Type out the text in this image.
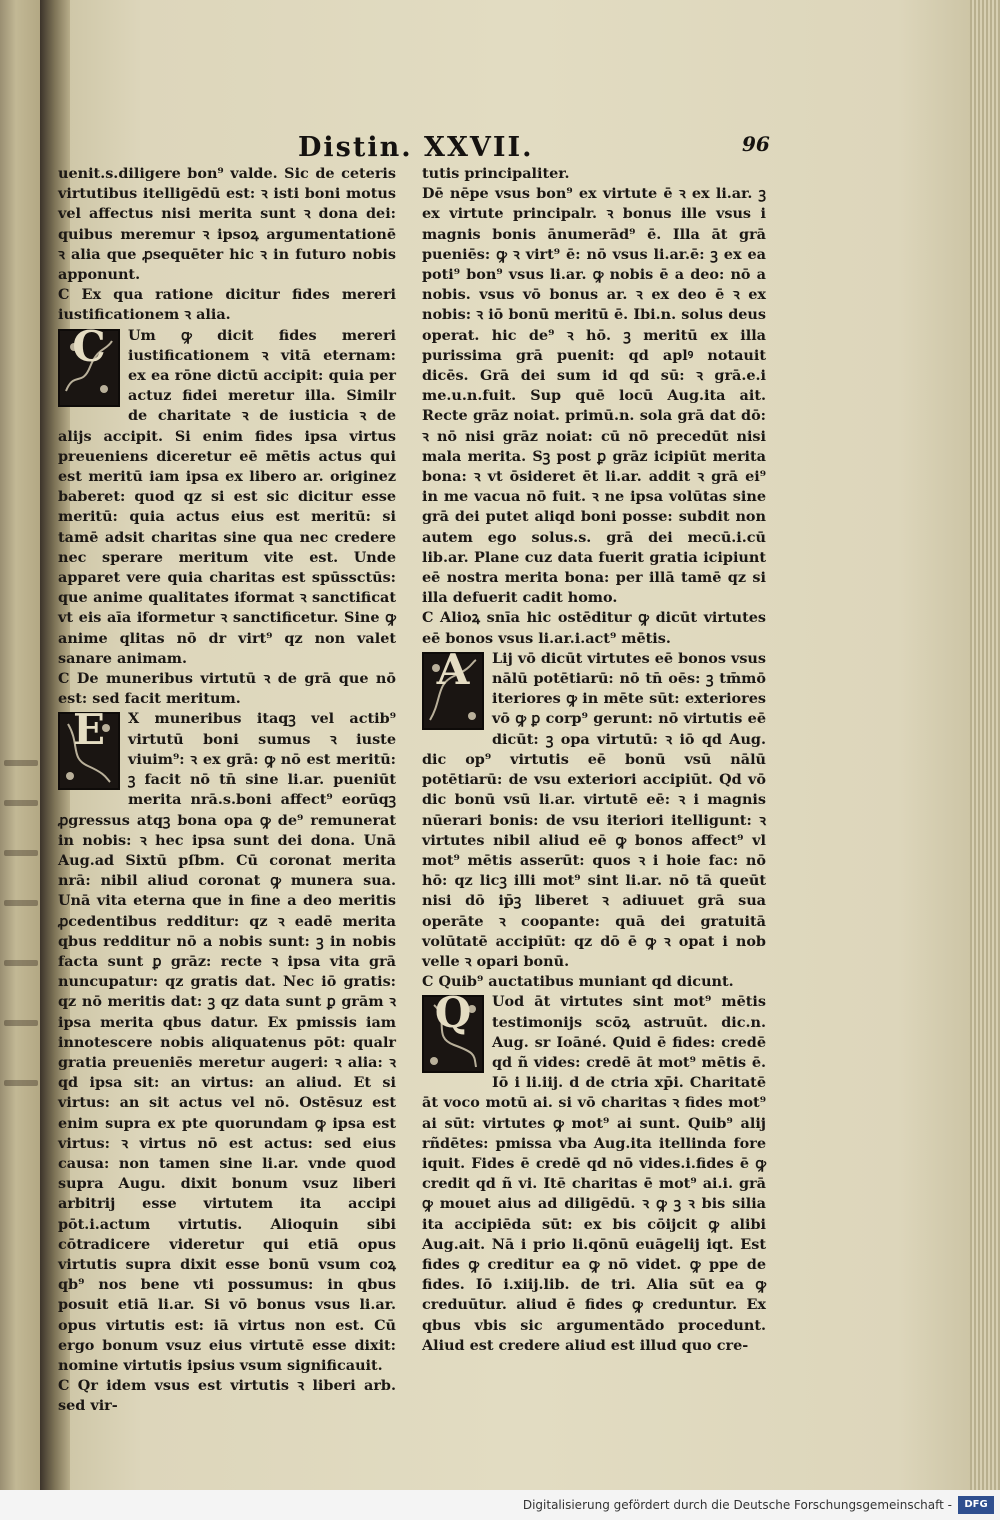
Distin. XXVII.	96

uenit.s.diligere bon⁹ valde. Sic de ceteris virtutibus itelligēdū est: ꝛ isti boni motus vel affectus nisi merita sunt ꝛ dona dei: quibus meremur ꝛ ipsoꝝ argumentationē ꝛ alia que ꝓsequēter hic ꝛ in futuro nobis apponunt.

C Ex qua ratione dicitur fides mereri iustificationem ꝛ alia.

C	Um ꝙ dicit fides mereri iustificationem ꝛ vitā eternam: ex ea rōne dictū accipit: quia per actuz fidei meretur illa. Similr de charitate ꝛ de iusticia ꝛ de alijs accipit. Si enim fides ipsa virtus preueniens diceretur eē mētis actus qui est meritū iam ipsa ex libero ar. originez baberet: quod qz si est sic dicitur esse meritū: quia actus eius est meritū: si tamē adsit charitas sine qua nec credere nec sperare meritum vite est. Unde apparet vere quia charitas est spūssctūs: que anime qualitates iformat ꝛ sanctificat vt eis aīa iformetur ꝛ sanctificetur. Sine ꝙ anime qlitas nō dr virt⁹ qz non valet sanare animam.

C De muneribus virtutū ꝛ de grā que nō est: sed facit meritum.

E	X muneribus itaqꝫ vel actib⁹ virtutū boni sumus ꝛ iuste viuim⁹: ꝛ ex grā: ꝙ nō est meritū: ꝫ facit nō tn̄ sine li.ar. pueniūt merita nrā.s.boni affect⁹ eorūqꝫ ꝓgressus atqꝫ bona opa ꝙ de⁹ remunerat in nobis: ꝛ hec ipsa sunt dei dona. Unā Aug.ad Sixtū pſbm. Cū coronat merita nrā: nibil aliud coronat ꝙ munera sua. Unā vita eterna que in fine a deo meritis ꝓcedentibus redditur: qz ꝛ eadē merita qbus redditur nō a nobis sunt: ꝫ in nobis facta sunt ꝑ grāz: recte ꝛ ipsa vita grā nuncupatur: qz gratis dat. Nec iō gratis: qz nō meritis dat: ꝫ qz data sunt ꝑ grām ꝛ ipsa merita qbus datur. Ex pmissis iam innotescere nobis aliquatenus pōt: qualr gratia preueniēs meretur augeri: ꝛ alia: ꝛ qd ipsa sit: an virtus: an aliud. Et si virtus: an sit actus vel nō. Ostēsuz est enim supra ex pte quorundam ꝙ ipsa est virtus: ꝛ virtus nō est actus: sed eius causa: non tamen sine li.ar. vnde quod supra Augu. dixit bonum vsuz liberi arbitrij esse virtutem ita accipi pōt.i.actum virtutis. Alioquin sibi cōtradicere videretur qui etiā opus virtutis supra dixit esse bonū vsum coꝝ qb⁹ nos bene vti possumus: in qbus posuit etiā li.ar. Si vō bonus vsus li.ar. opus virtutis est: iā virtus non est. Cū ergo bonum vsuz eius virtutē esse dixit: nomine virtutis ipsius vsum significauit.

C Qr idem vsus est virtutis ꝛ liberi arb. sed vir-

tutis principaliter.

Dē nēpe vsus bon⁹ ex virtute ē ꝛ ex li.ar. ꝫ ex virtute principalr. ꝛ bonus ille vsus i magnis bonis ānumerād⁹ ē. Illa āt grā pueniēs: ꝙ ꝛ virt⁹ ē: nō vsus li.ar.ē: ꝫ ex ea poti⁹ bon⁹ vsus li.ar. ꝙ nobis ē a deo: nō a nobis. vsus vō bonus ar. ꝛ ex deo ē ꝛ ex nobis: ꝛ iō bonū meritū ē. Ibi.n. solus deus operat. hic de⁹ ꝛ hō. ꝫ meritū ex illa purissima grā puenit: qd aplꝰ notauit dicēs. Grā dei sum id qd sū: ꝛ grā.e.i me.u.n.fuit. Sup quē locū Aug.ita ait. Recte grāz noiat. primū.n. sola grā dat dō: ꝛ nō nisi grāz noiat: cū nō precedūt nisi mala merita. Sꝫ post ꝑ grāz icipiūt merita bona: ꝛ vt ōsideret ēt li.ar. addit ꝛ grā ei⁹ in me vacua nō fuit. ꝛ ne ipsa volūtas sine grā dei putet aliqd boni posse: subdit non autem ego solus.s. grā dei mecū.i.cū lib.ar. Plane cuz data fuerit gratia icipiunt eē nostra merita bona: per illā tamē qz si illa defuerit cadit homo.

C Alioꝝ snīa hic ostēditur ꝙ dicūt virtutes eē bonos vsus li.ar.i.act⁹ mētis.

A	Lij vō dicūt virtutes eē bonos vsus nālū potētiarū: nō tn̄ oēs: ꝫ tm̄mō iteriores ꝙ in mēte sūt: exteriores vō ꝙ ꝑ corp⁹ gerunt: nō virtutis eē dicūt: ꝫ opa virtutū: ꝛ iō qd Aug. dic op⁹ virtutis eē bonū vsū nālū potētiarū: de vsu exteriori accipiūt. Qd vō dic bonū vsū li.ar. virtutē eē: ꝛ i magnis nūerari bonis: de vsu iteriori itelligunt: ꝛ virtutes nibil aliud eē ꝙ bonos affect⁹ vl mot⁹ mētis asserūt: quos ꝛ i hoie fac: nō hō: qz licꝫ illi mot⁹ sint li.ar. nō tā queūt nisi dō ip̄ꝫ liberet ꝛ adiuuet grā sua operāte ꝛ coopante: quā dei gratuitā volūtatē accipiūt: qz dō ē ꝙ ꝛ opat i nob velle ꝛ opari bonū.

C Quib⁹ auctatibus muniant qd dicunt.

Q	Uod āt virtutes sint mot⁹ mētis testimonijs scōꝝ astruūt. dic.n. Aug. sr Ioāné. Quid ē fides: credē qd ñ vides: credē āt mot⁹ mētis ē. Iō i li.iij. d de ctria xp̄i. Charitatē āt voco motū ai. si vō charitas ꝛ fides mot⁹ ai sūt: virtutes ꝙ mot⁹ ai sunt. Quib⁹ alij rñdētes: pmissa vba Aug.ita itellinda fore iquit. Fides ē credē qd nō vides.i.fides ē ꝙ credit qd ñ vi. Itē charitas ē mot⁹ ai.i. grā ꝙ mouet aius ad diligēdū. ꝛ ꝙ ꝫ ꝛ bis silia ita accipiēda sūt: ex bis cōijcit ꝙ alibi Aug.ait. Nā i prio li.qōnū euāgelij iqt. Est fides ꝙ creditur ea ꝙ nō videt. ꝙ ppe de fides. Iō i.xiij.lib. de tri. Alia sūt ea ꝙ creduūtur. aliud ē fides ꝙ creduntur. Ex qbus vbis sic argumentādo procedunt. Aliud est credere aliud est illud quo cre-

Digitalisierung gefördert durch die Deutsche Forschungsgemeinschaft -	DFG
